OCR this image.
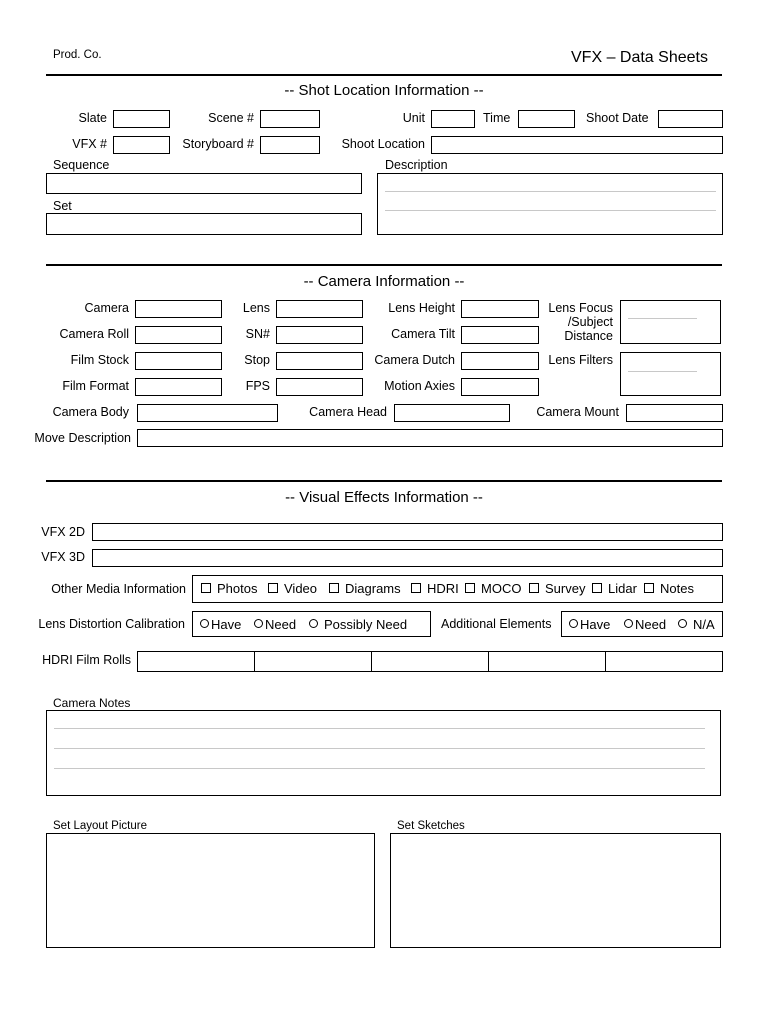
Prod. Co.	VFX – Data Sheets
-- Shot Location Information --
Slate	Scene #	Unit	Time	Shoot Date
VFX #	Storyboard #	Shoot Location
Sequence
Set
Description
-- Camera Information --
Camera	Lens	Lens Height	Lens Focus
/Subject
Distance
Camera Roll	SN#	Camera Tilt
Film Stock	Stop	Camera Dutch	Lens Filters
Film Format	FPS	Motion Axies
Camera Body	Camera Head	Camera Mount
Move Description
-- Visual Effects Information --
VFX 2D
VFX 3D
Other Media Information	Photos	Video	Diagrams	HDRI	MOCO	Survey	Lidar	Notes
Lens Distortion Calibration	Have	Need	Possibly Need	Additional Elements	Have	Need	N/A
HDRI Film Rolls
Camera Notes
Set Layout Picture	Set Sketches
